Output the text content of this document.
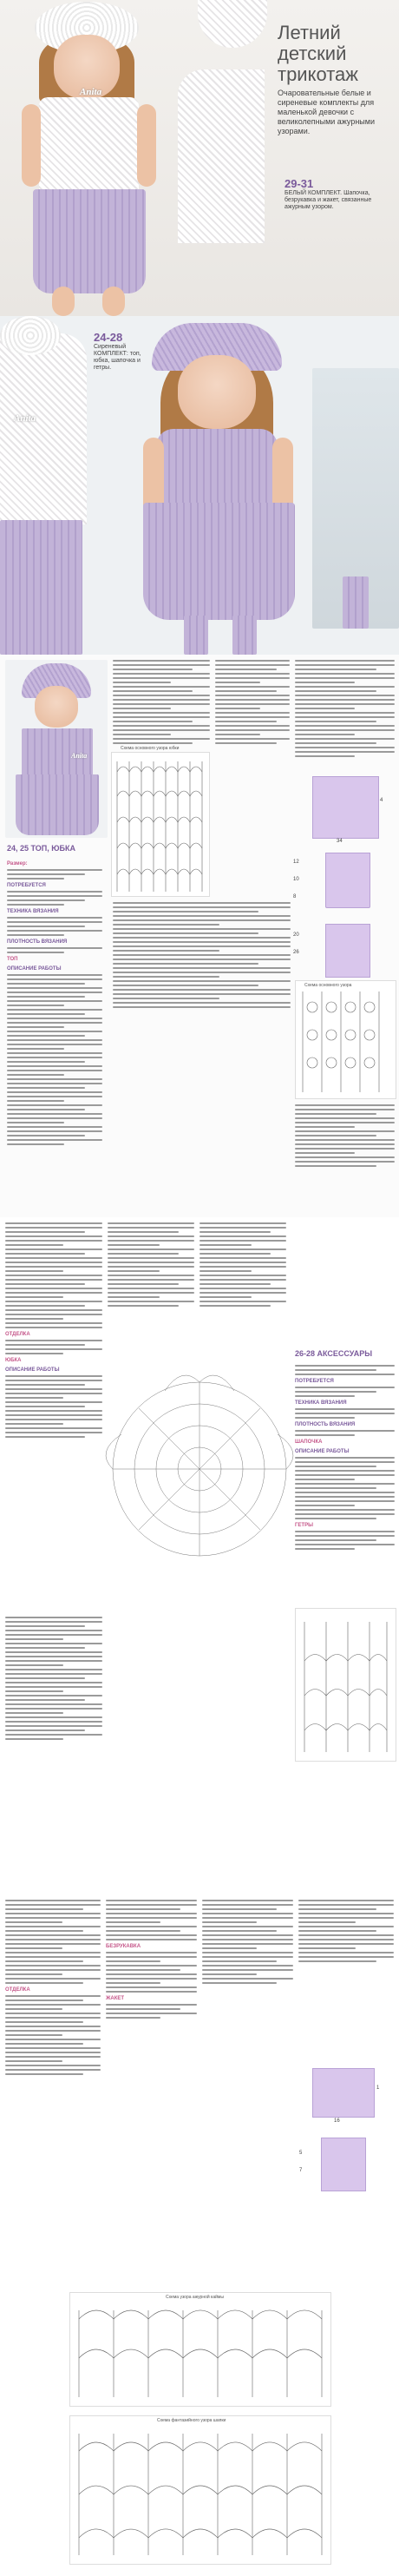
Anita
Летний детский трикотаж
Очаровательные белые и сиреневые комплекты для маленькой девочки с великолепными ажурными узорами.
29-31
БЕЛЫЙ КОМПЛЕКТ. Шапочка, безрукавка и жакет, связанные ажурным узором.
Anita
24-28
Сиреневый КОМПЛЕКТ: топ, юбка, шапочка и гетры.
Anita
24, 25 ТОП, ЮБКА
Размер:
ПОТРЕБУЕТСЯ
ТЕХНИКА ВЯЗАНИЯ
ПЛОТНОСТЬ ВЯЗАНИЯ
ТОП
ОПИСАНИЕ РАБОТЫ
Схема основного узора юбки
4
34
12
10
8
20
26
Схема основного узора
ОТДЕЛКА
ЮБКА
ОПИСАНИЕ РАБОТЫ
26-28 АКСЕССУАРЫ
ПОТРЕБУЕТСЯ
ТЕХНИКА ВЯЗАНИЯ
ПЛОТНОСТЬ ВЯЗАНИЯ
ШАПОЧКА
ОПИСАНИЕ РАБОТЫ
ГЕТРЫ
ОТДЕЛКА
БЕЗРУКАВКА
ЖАКЕТ
1
16
5
7
Схема узора ажурной каймы
Схема фантазийного узора шапки
